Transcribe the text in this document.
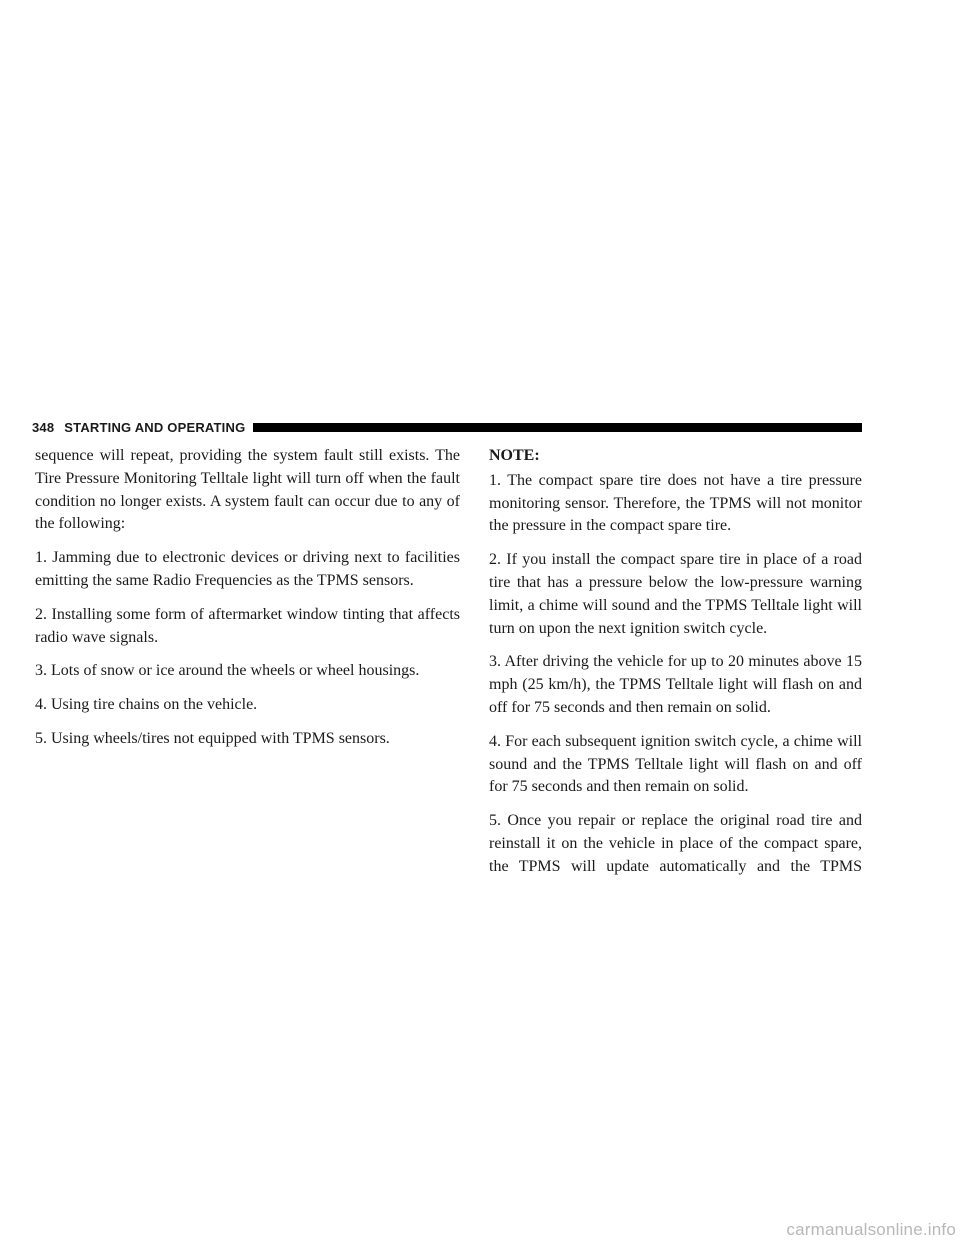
348 STARTING AND OPERATING

sequence will repeat, providing the system fault still exists. The Tire Pressure Monitoring Telltale light will turn off when the fault condition no longer exists. A system fault can occur due to any of the following:

1. Jamming due to electronic devices or driving next to facilities emitting the same Radio Frequencies as the TPMS sensors.

2. Installing some form of aftermarket window tinting that affects radio wave signals.

3. Lots of snow or ice around the wheels or wheel housings.

4. Using tire chains on the vehicle.

5. Using wheels/tires not equipped with TPMS sensors.

NOTE:

1. The compact spare tire does not have a tire pressure monitoring sensor. Therefore, the TPMS will not monitor the pressure in the compact spare tire.

2. If you install the compact spare tire in place of a road tire that has a pressure below the low-pressure warning limit, a chime will sound and the TPMS Telltale light will turn on upon the next ignition switch cycle.

3. After driving the vehicle for up to 20 minutes above 15 mph (25 km/h), the TPMS Telltale light will flash on and off for 75 seconds and then remain on solid.

4. For each subsequent ignition switch cycle, a chime will sound and the TPMS Telltale light will flash on and off for 75 seconds and then remain on solid.

5. Once you repair or replace the original road tire and reinstall it on the vehicle in place of the compact spare, the TPMS will update automatically and the TPMS

carmanualsonline.info
